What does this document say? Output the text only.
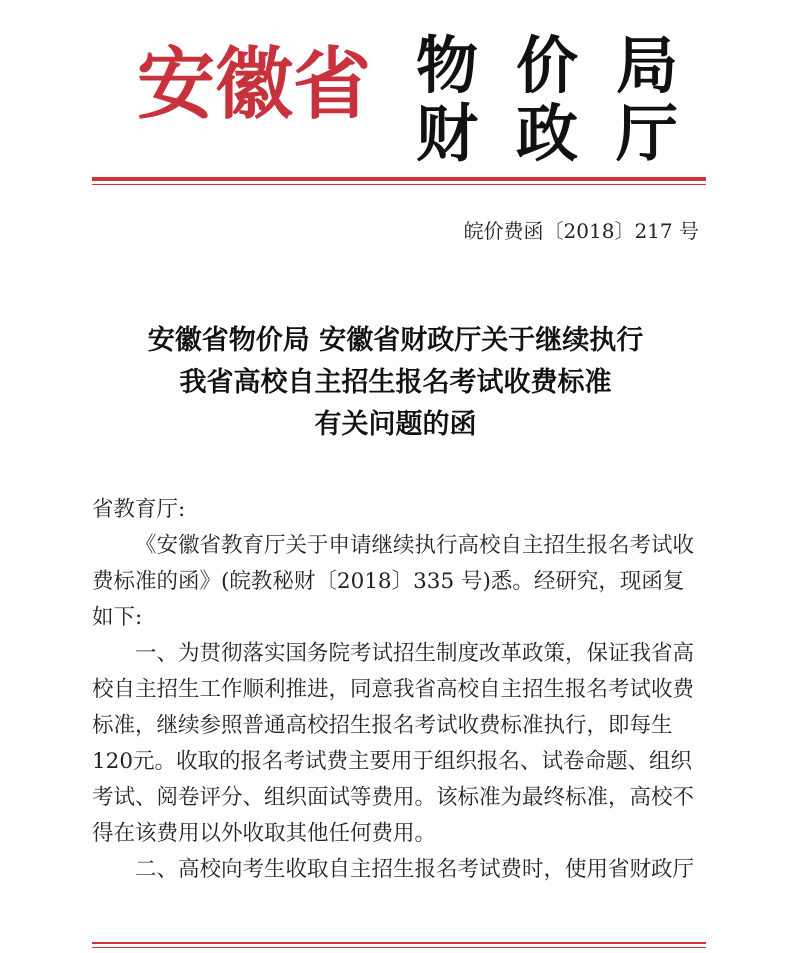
安徽省 物 价 局
财 政 厅
皖价费函〔2018〕217 号
安徽省物价局 安徽省财政厅关于继续执行
我省高校自主招生报名考试收费标准
有关问题的函

省教育厅:

《安徽省教育厅关于申请继续执行高校自主招生报名考试收费标准的函》(皖教秘财〔2018〕335 号)悉。经研究，现函复如下:

一、为贯彻落实国务院考试招生制度改革政策，保证我省高校自主招生工作顺利推进，同意我省高校自主招生报名考试收费标准，继续参照普通高校招生报名考试收费标准执行，即每生120元。收取的报名考试费主要用于组织报名、试卷命题、组织考试、阅卷评分、组织面试等费用。该标准为最终标准，高校不得在该费用以外收取其他任何费用。

二、高校向考生收取自主招生报名考试费时，使用省财政厅
